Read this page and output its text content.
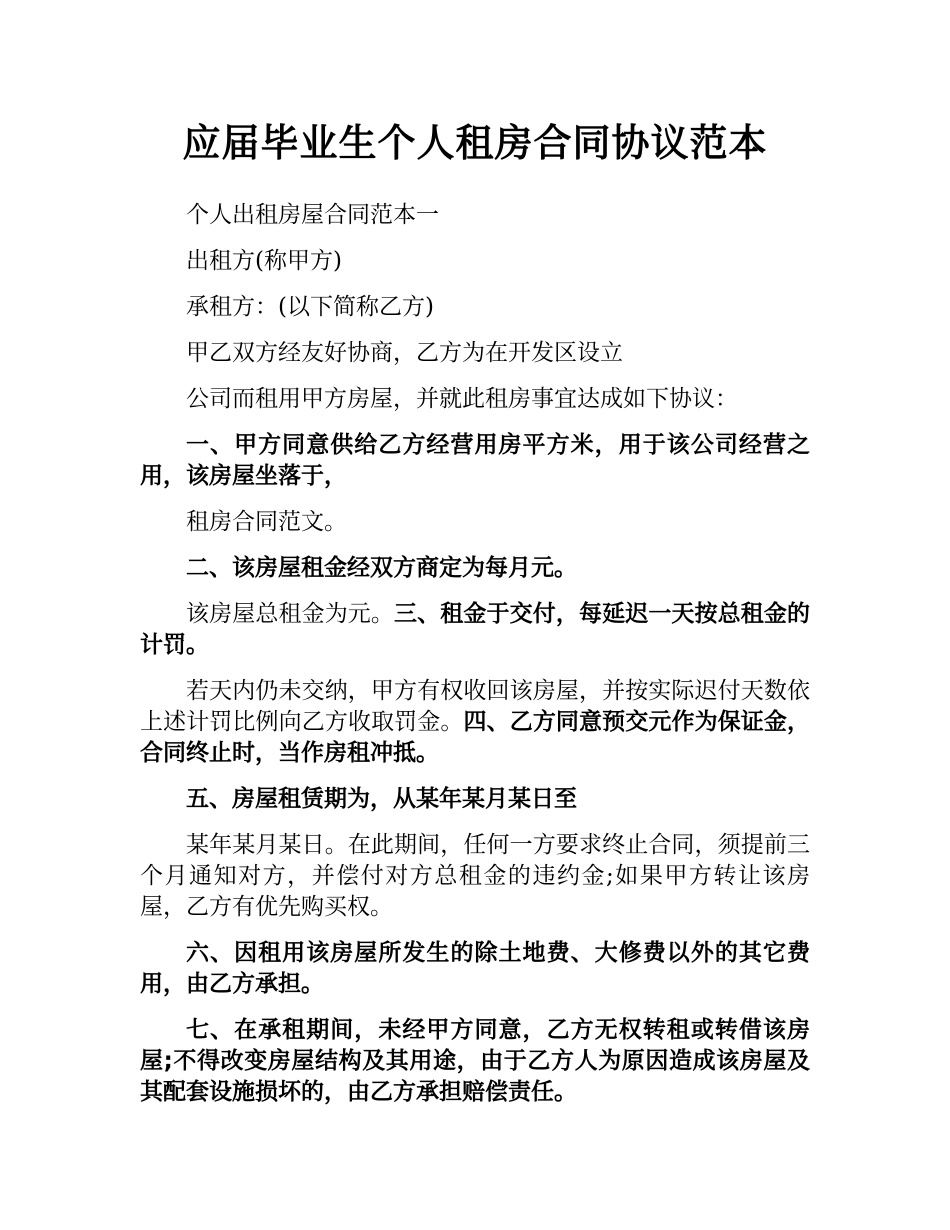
应届毕业生个人租房合同协议范本

个人出租房屋合同范本一

出租方(称甲方)

承租方：(以下简称乙方)

甲乙双方经友好协商，乙方为在开发区设立

公司而租用甲方房屋，并就此租房事宜达成如下协议：

一、甲方同意供给乙方经营用房平方米，用于该公司经营之用，该房屋坐落于，

租房合同范文。

二、该房屋租金经双方商定为每月元。

该房屋总租金为元。三、租金于交付，每延迟一天按总租金的计罚。

若天内仍未交纳，甲方有权收回该房屋，并按实际迟付天数依上述计罚比例向乙方收取罚金。四、乙方同意预交元作为保证金，合同终止时，当作房租冲抵。

五、房屋租赁期为，从某年某月某日至

某年某月某日。在此期间，任何一方要求终止合同，须提前三个月通知对方，并偿付对方总租金的违约金;如果甲方转让该房屋，乙方有优先购买权。

六、因租用该房屋所发生的除土地费、大修费以外的其它费用，由乙方承担。

七、在承租期间，未经甲方同意，乙方无权转租或转借该房屋;不得改变房屋结构及其用途，由于乙方人为原因造成该房屋及其配套设施损坏的，由乙方承担赔偿责任。
